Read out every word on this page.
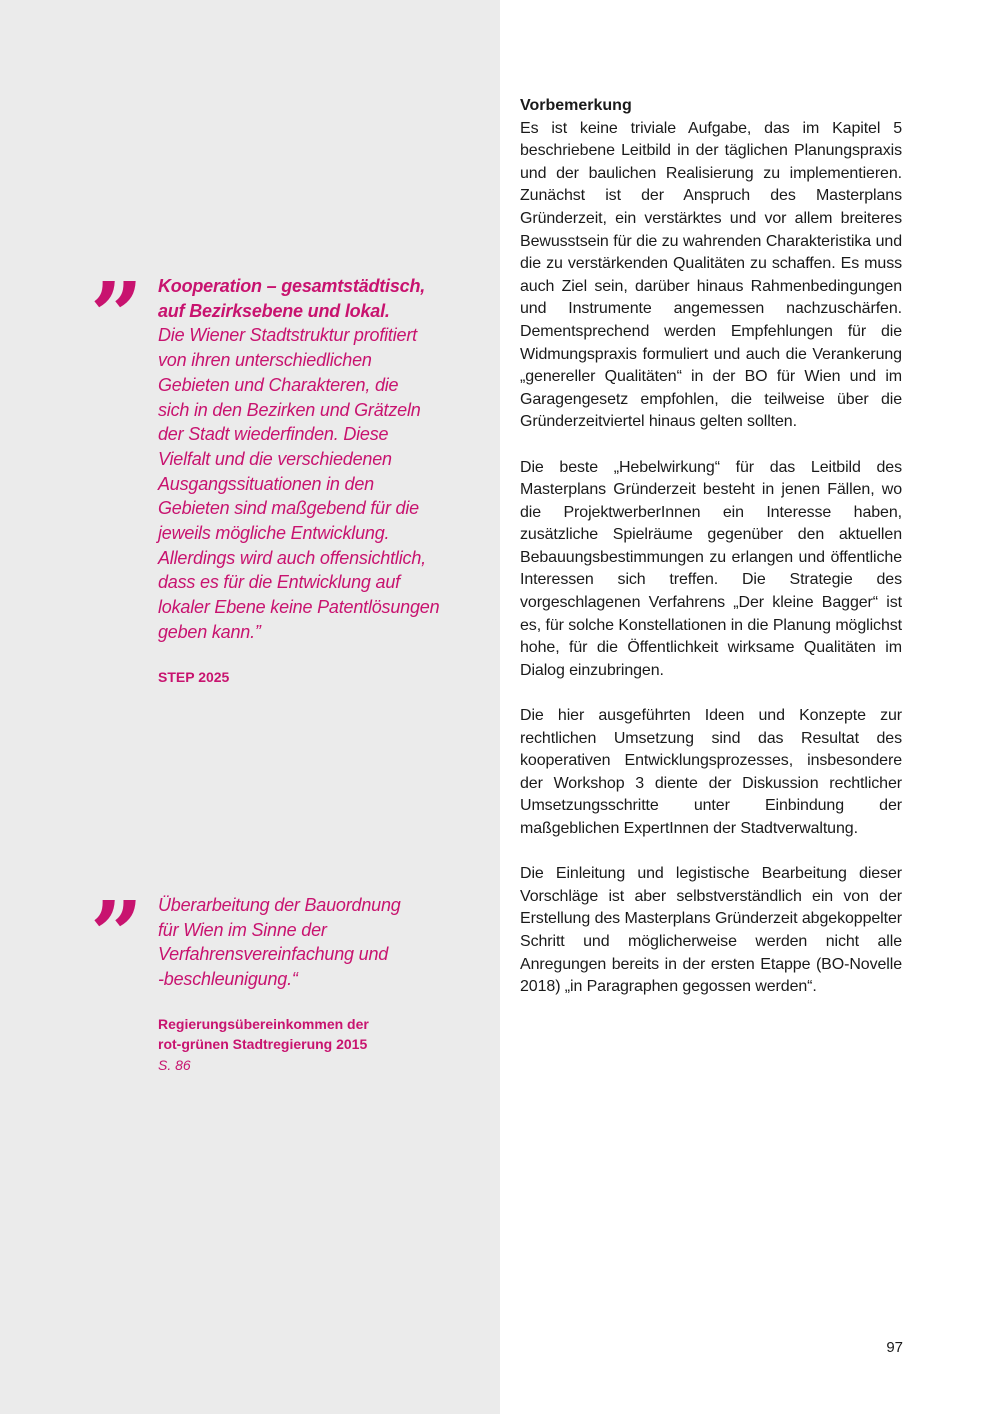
” Kooperation – gesamtstädtisch,
auf Bezirksebene und lokal.

Die Wiener Stadtstruktur profitiert
von ihren unterschiedlichen
Gebieten und Charakteren, die
sich in den Bezirken und Grätzeln
der Stadt wiederfinden. Diese
Vielfalt und die verschiedenen
Ausgangssituationen in den
Gebieten sind maßgebend für die
jeweils mögliche Entwicklung.
Allerdings wird auch offensichtlich,
dass es für die Entwicklung auf
lokaler Ebene keine Patentlösungen
geben kann.”

STEP 2025
” Überarbeitung der Bauordnung
für Wien im Sinne der
Verfahrensvereinfachung und
-beschleunigung.“

Regierungsübereinkommen der
rot-grünen Stadtregierung 2015
S. 86
Vorbemerkung

Es ist keine triviale Aufgabe, das im Kapitel 5 beschriebene Leitbild in der täglichen Planungspraxis und der baulichen Realisierung zu implementieren. Zunächst ist der Anspruch des Masterplans Gründerzeit, ein verstärktes und vor allem breiteres Bewusstsein für die zu wahrenden Charakteristika und die zu verstärkenden Qualitäten zu schaffen. Es muss auch Ziel sein, darüber hinaus Rahmenbedingungen und Instrumente angemessen nachzuschärfen. Dementsprechend werden Empfehlungen für die Widmungspraxis formuliert und auch die Verankerung „genereller Qualitäten“ in der BO für Wien und im Garagengesetz empfohlen, die teilweise über die Gründerzeitviertel hinaus gelten sollten.

Die beste „Hebelwirkung“ für das Leitbild des Masterplans Gründerzeit besteht in jenen Fällen, wo die ProjektwerberInnen ein Interesse haben, zusätzliche Spielräume gegenüber den aktuellen Bebauungsbestimmungen zu erlangen und öffentliche Interessen sich treffen. Die Strategie des vorgeschlagenen Verfahrens „Der kleine Bagger“ ist es, für solche Konstellationen in die Planung möglichst hohe, für die Öffentlichkeit wirksame Qualitäten im Dialog einzubringen.

Die hier ausgeführten Ideen und Konzepte zur rechtlichen Umsetzung sind das Resultat des kooperativen Entwicklungsprozesses, insbesondere der Workshop 3 diente der Diskussion rechtlicher Umsetzungsschritte unter Einbindung der maßgeblichen ExpertInnen der Stadtverwaltung.

Die Einleitung und legistische Bearbeitung dieser Vorschläge ist aber selbstverständlich ein von der Erstellung des Masterplans Gründerzeit abgekoppelter Schritt und möglicherweise werden nicht alle Anregungen bereits in der ersten Etappe (BO-Novelle 2018) „in Paragraphen gegossen werden“.

97
